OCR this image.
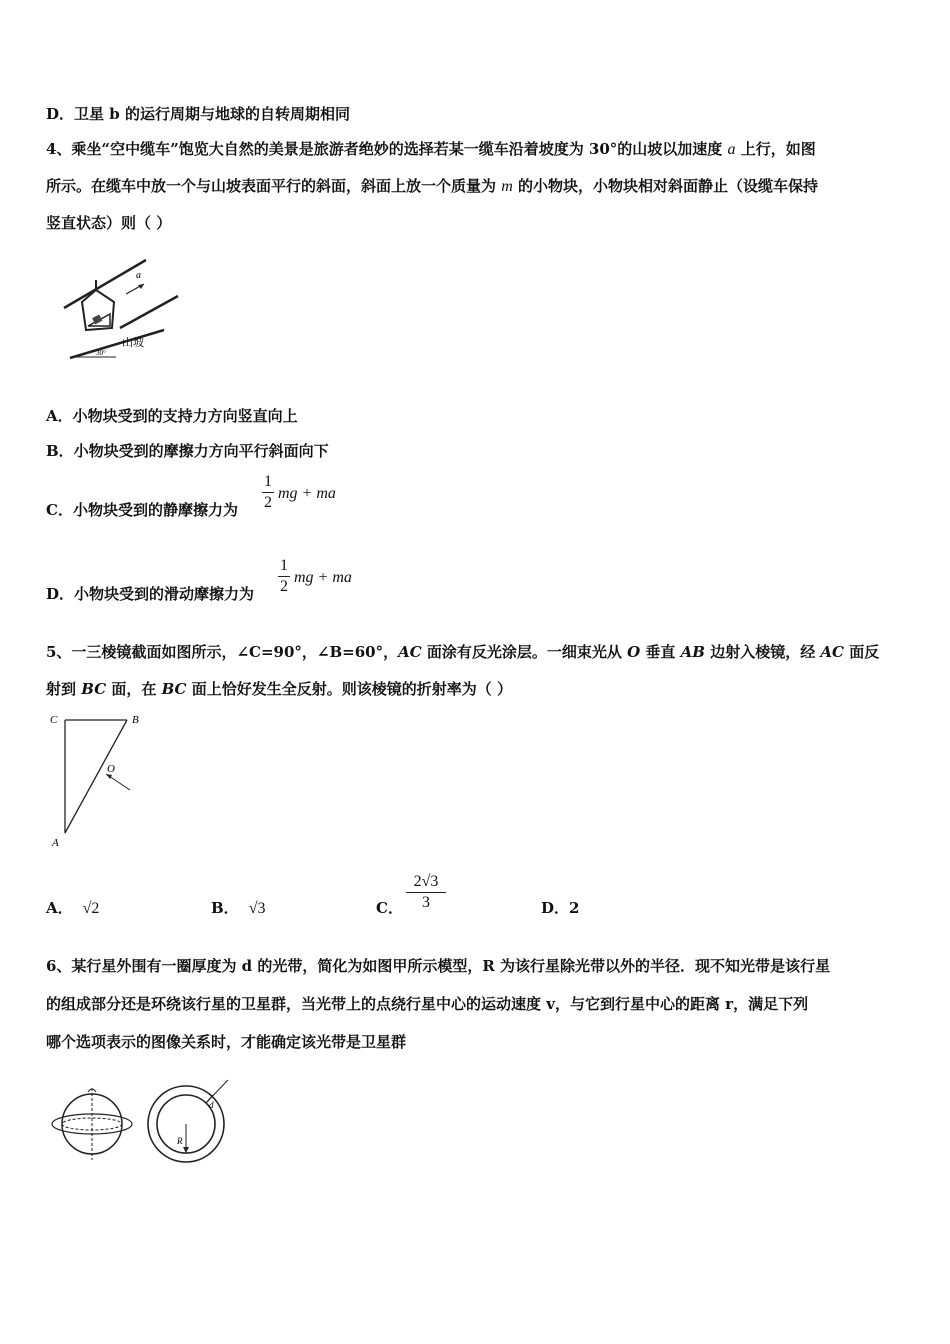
D．卫星 b 的运行周期与地球的自转周期相同
4、乘坐“空中缆车”饱览大自然的美景是旅游者绝妙的选择若某一缆车沿着坡度为 30°的山坡以加速度 a 上行，如图
所示。在缆车中放一个与山坡表面平行的斜面，斜面上放一个质量为 m 的小物块，小物块相对斜面静止（设缆车保持
竖直状态）则（ ）
a
30°
山坡
A．小物块受到的支持力方向竖直向上
B．小物块受到的摩擦力方向平行斜面向下
C．小物块受到的静摩擦力为
1
2
mg + ma
D．小物块受到的滑动摩擦力为
1
2
mg + ma
5、一三棱镜截面如图所示，∠C=90°，∠B=60°，AC 面涂有反光涂层。一细束光从 O 垂直 AB 边射入棱镜，经 AC 面反
射到 BC 面，在 BC 面上恰好发生全反射。则该棱镜的折射率为（ ）
C	B
A
O
A． √2	B． √3	C．
2√3
3	D．2
6、某行星外围有一圈厚度为 d 的光带，简化为如图甲所示模型，R 为该行星除光带以外的半径．现不知光带是该行星
的组成部分还是环绕该行星的卫星群，当光带上的点绕行星中心的运动速度 v，与它到行星中心的距离 r，满足下列
哪个选项表示的图像关系时，才能确定该光带是卫星群
d
R
